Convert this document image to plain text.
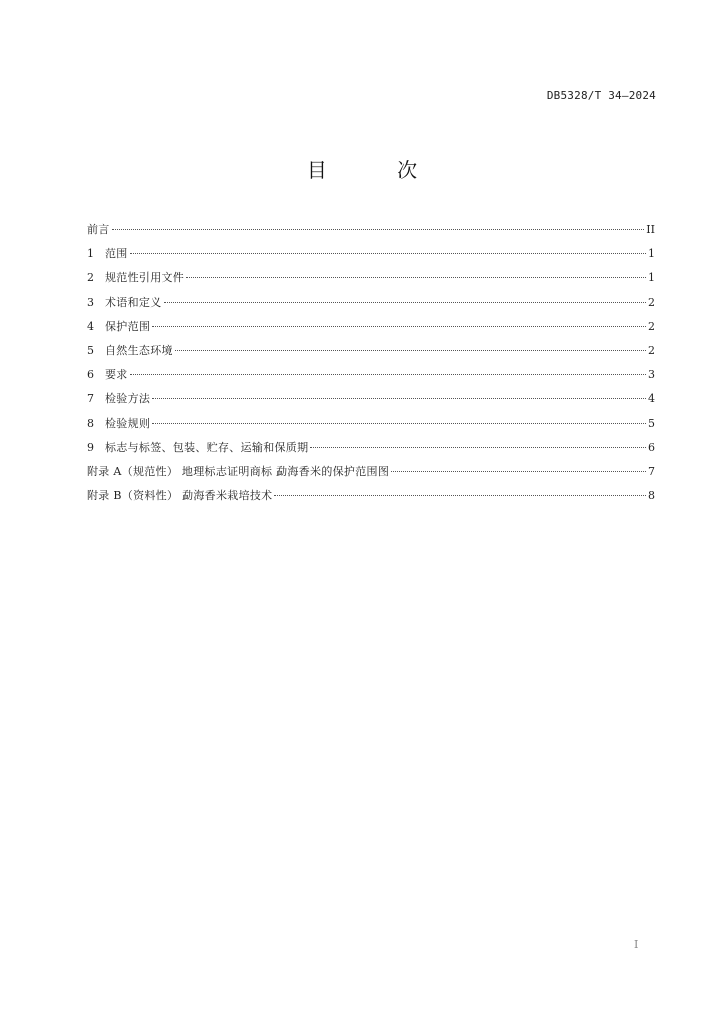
DB5328/T 34—2024
目 次
前言	II
1	范围	1
2	规范性引用文件	1
3	术语和定义	2
4	保护范围	2
5	自然生态环境	2
6	要求	3
7	检验方法	4
8	检验规则	5
9	标志与标签、包装、贮存、运输和保质期	6
附录 A（规范性） 地理标志证明商标 勐海香米的保护范围图	7
附录 B（资料性） 勐海香米栽培技术	8
I
